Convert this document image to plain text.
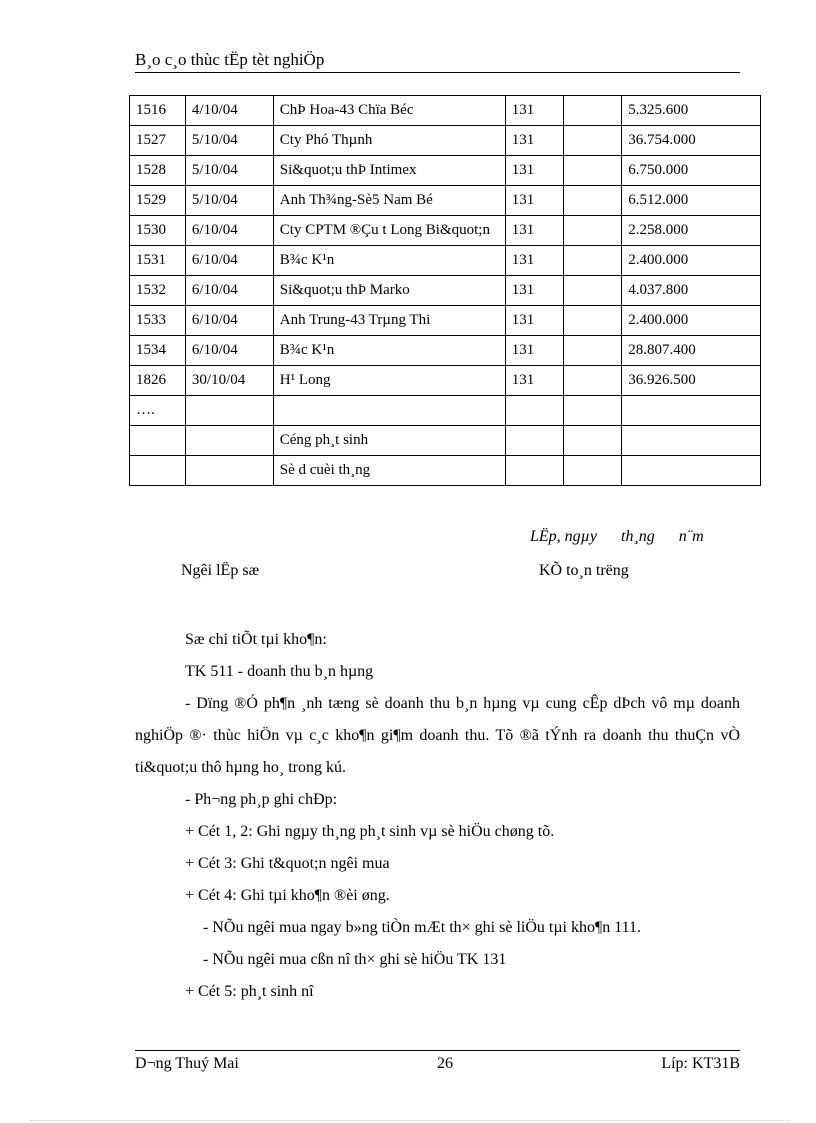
B¸o c¸o thùc tËp tèt nghiÖp
1516	4/10/04	ChÞ Hoa-43 Chïa Béc	131		5.325.600
1527	5/10/04	Cty Phó Thµnh	131		36.754.000
1528	5/10/04	Si&quot;u thÞ Intimex	131		6.750.000
1529	5/10/04	Anh Th¾ng-Sè5 Nam Bé	131		6.512.000
1530	6/10/04	Cty CPTM ®Çu t Long Bi&quot;n	131		2.258.000
1531	6/10/04	B¾c K¹n	131		2.400.000
1532	6/10/04	Si&quot;u thÞ Marko	131		4.037.800
1533	6/10/04	Anh Trung-43 Trµng Thi	131		2.400.000
1534	6/10/04	B¾c K¹n	131		28.807.400
1826	30/10/04	H¹ Long	131		36.926.500
….					
		Céng ph¸t sinh			
		Sè d cuèi th¸ng			
LËp, ngµy      th¸ng      n¨m
Ngêi lËp sæ	KÕ to¸n trëng

Sæ chi tiÕt tµi kho¶n:

TK 511 - doanh thu b¸n hµng

- Dïng ®Ó ph¶n ¸nh tæng sè doanh thu b¸n hµng vµ cung cÊp dÞch vô mµ doanh nghiÖp ®· thùc hiÖn vµ c¸c kho¶n gi¶m doanh thu. Tõ ®ã tÝnh ra doanh thu thuÇn vÒ ti&quot;u thô hµng ho¸ trong kú.

- Ph¬ng ph¸p ghi chÐp:

+ Cét 1, 2: Ghi ngµy th¸ng ph¸t sinh vµ sè hiÖu chøng tõ.

+ Cét 3: Ghi t&quot;n ngêi mua

+ Cét 4: Ghi tµi kho¶n ®èi øng.

- NÕu ngêi mua ngay b»ng tiÒn mÆt th× ghi sè liÖu tµi kho¶n 111.

- NÕu ngêi mua cßn nî th× ghi sè hiÖu TK 131

+ Cét 5: ph¸t sinh nî

D¬ng Thuý Mai	26	Líp: KT31B
